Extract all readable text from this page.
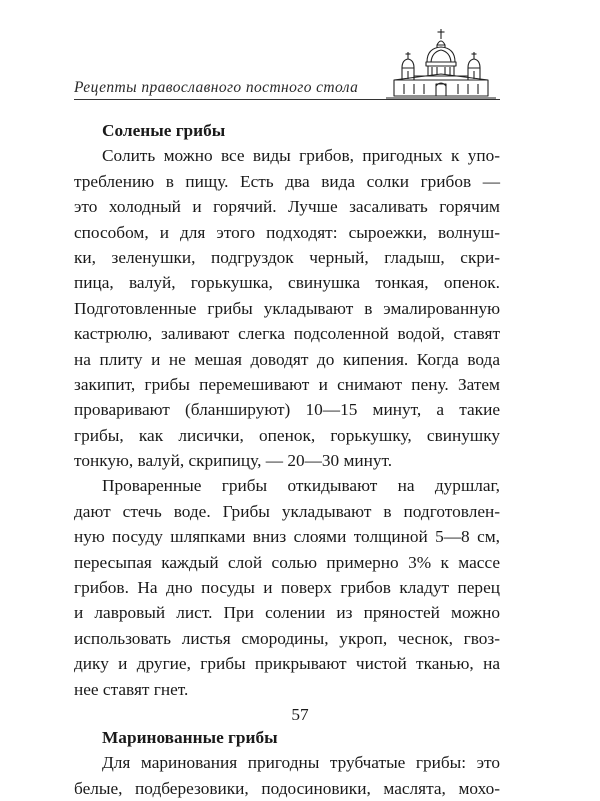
Рецепты православного постного стола
Соленые грибы
Солить можно все виды грибов, пригодных к упо-
треблению в пищу. Есть два вида солки грибов —
это холодный и горячий. Лучше засаливать горячим
способом, и для этого подходят: сыроежки, волнуш-
ки, зеленушки, подгруздок черный, гладыш, скри-
пица, валуй, горькушка, свинушка тонкая, опенок.
Подготовленные грибы укладывают в эмалированную
кастрюлю, заливают слегка подсоленной водой, ставят
на плиту и не мешая доводят до кипения. Когда вода
закипит, грибы перемешивают и снимают пену. Затем
проваривают (бланшируют) 10—15 минут, а такие
грибы, как лисички, опенок, горькушку, свинушку
тонкую, валуй, скрипицу, — 20—30 минут.
Проваренные грибы откидывают на дуршлаг,
дают стечь воде. Грибы укладывают в подготовлен-
ную посуду шляпками вниз слоями толщиной 5—8 см,
пересыпая каждый слой солью примерно 3% к массе
грибов. На дно посуды и поверх грибов кладут перец
и лавровый лист. При солении из пряностей можно
использовать листья смородины, укроп, чеснок, гвоз-
дику и другие, грибы прикрывают чистой тканью, на
нее ставят гнет.
Маринованные грибы
Для маринования пригодны трубчатые грибы: это
белые, подберезовики, подосиновики, маслята, мохо-
57
